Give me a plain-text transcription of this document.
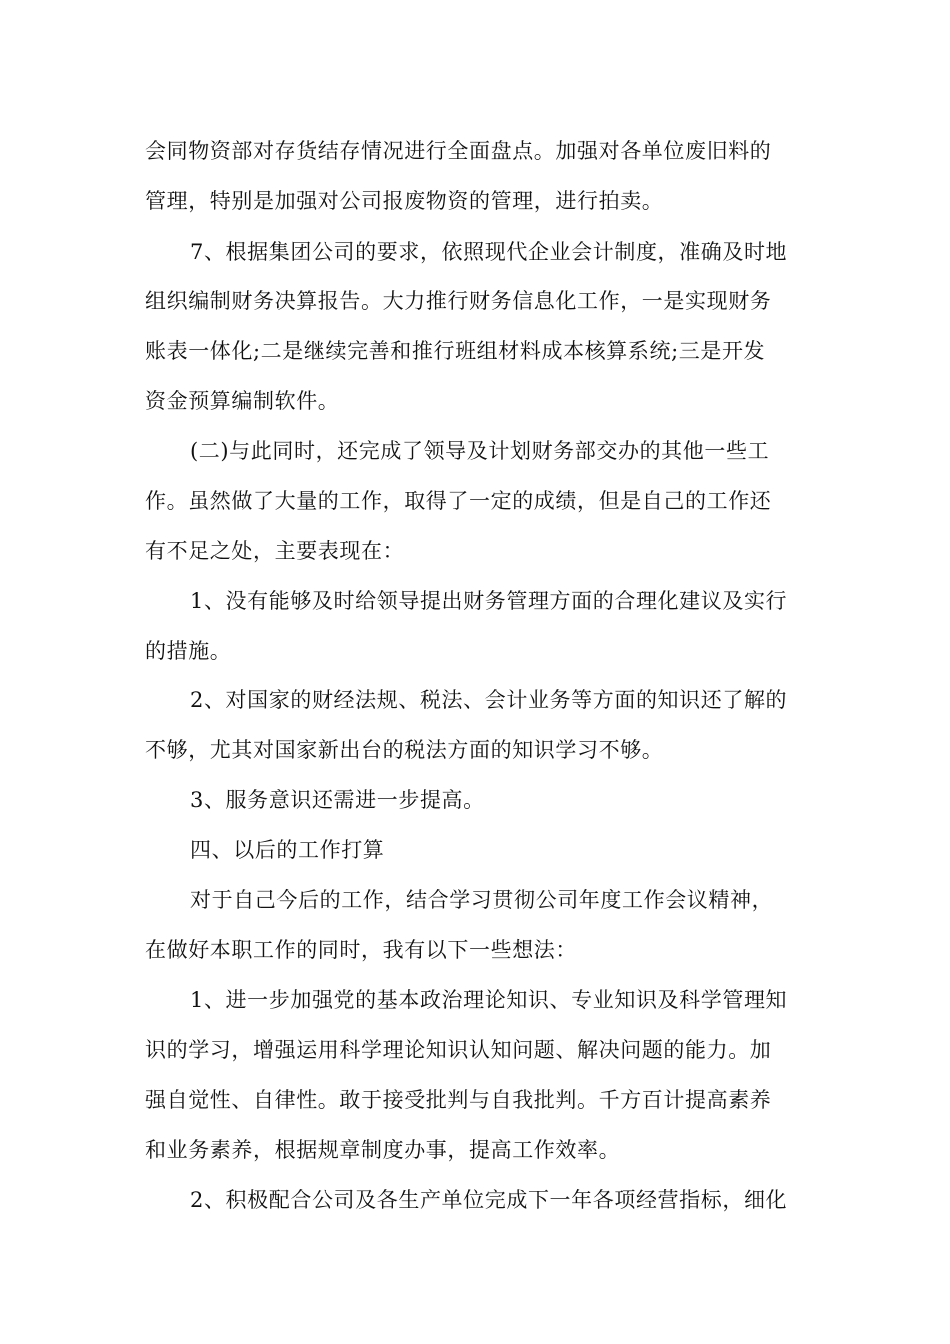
会同物资部对存货结存情况进行全面盘点。加强对各单位废旧料的
管理，特别是加强对公司报废物资的管理，进行拍卖。
7、根据集团公司的要求，依照现代企业会计制度，准确及时地
组织编制财务决算报告。大力推行财务信息化工作，一是实现财务
账表一体化;二是继续完善和推行班组材料成本核算系统;三是开发
资金预算编制软件。
(二)与此同时，还完成了领导及计划财务部交办的其他一些工
作。虽然做了大量的工作，取得了一定的成绩，但是自己的工作还
有不足之处，主要表现在：
1、没有能够及时给领导提出财务管理方面的合理化建议及实行
的措施。
2、对国家的财经法规、税法、会计业务等方面的知识还了解的
不够，尤其对国家新出台的税法方面的知识学习不够。
3、服务意识还需进一步提高。
四、以后的工作打算
对于自己今后的工作，结合学习贯彻公司年度工作会议精神，
在做好本职工作的同时，我有以下一些想法：
1、进一步加强党的基本政治理论知识、专业知识及科学管理知
识的学习，增强运用科学理论知识认知问题、解决问题的能力。加
强自觉性、自律性。敢于接受批判与自我批判。千方百计提高素养
和业务素养，根据规章制度办事，提高工作效率。
2、积极配合公司及各生产单位完成下一年各项经营指标，细化
